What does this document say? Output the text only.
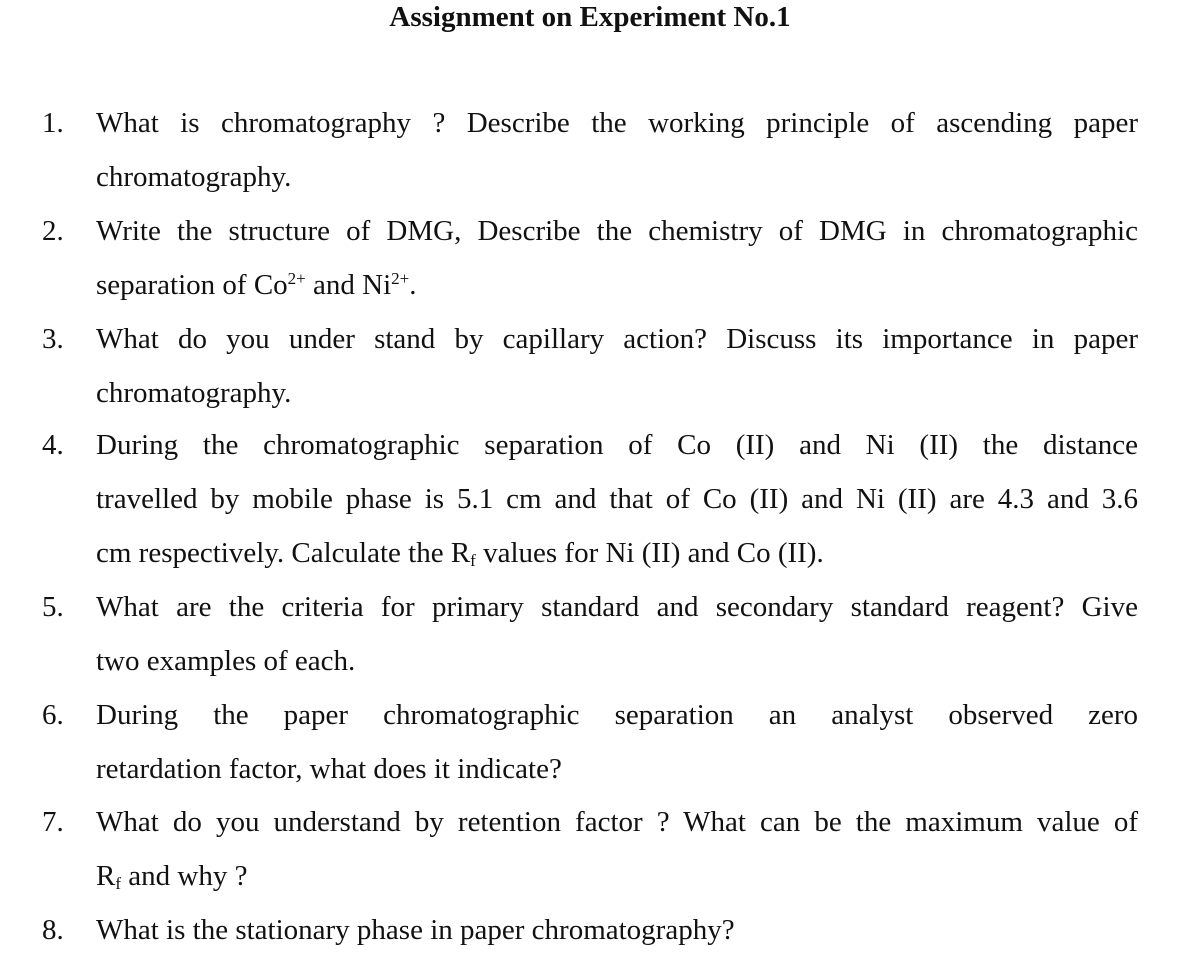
Assignment on Experiment No.1
1.	What is chromatography ? Describe the working principle of ascending paper
chromatography.
2.	Write the structure of DMG, Describe the chemistry of DMG in chromatographic
separation of $Co^{2+}$ and $Ni^{2+}$.
3.	What do you under stand by capillary action? Discuss its importance in paper
chromatography.
4.	During the chromatographic separation of Co (II) and Ni (II) the distance
travelled by mobile phase is 5.1 cm and that of Co (II) and Ni (II) are 4.3 and 3.6
cm respectively. Calculate the $R_f$ values for Ni (II) and Co (II).
5.	What are the criteria for primary standard and secondary standard reagent? Give
two examples of each.
6.	During the paper chromatographic separation an analyst observed zero
retardation factor, what does it indicate?
7.	What do you understand by retention factor ? What can be the maximum value of
$R_f$ and why ?
8.	What is the stationary phase in paper chromatography?
